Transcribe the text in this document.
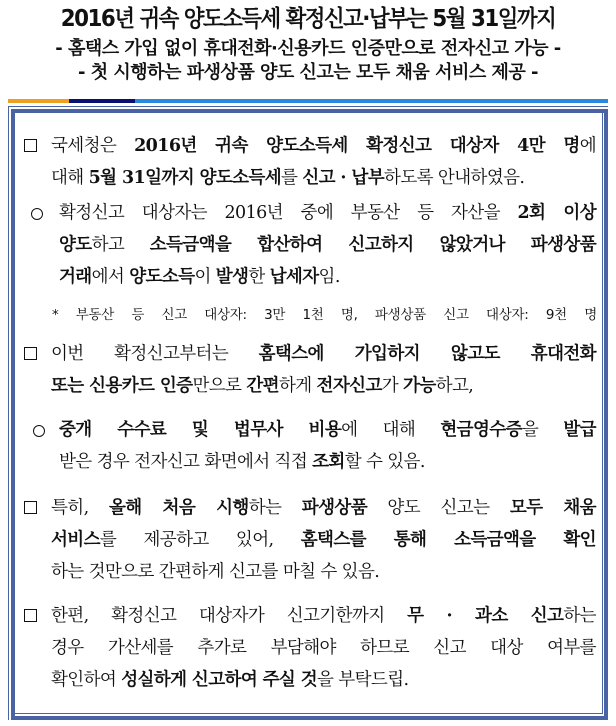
2016년 귀속 양도소득세 확정신고·납부는 5월 31일까지
- 홈택스 가입 없이 휴대전화·신용카드 인증만으로 전자신고 가능 -
- 첫 시행하는 파생상품 양도 신고는 모두 채움 서비스 제공 -
국세청은 2016년 귀속 양도소득세 확정신고 대상자 4만 명에
대해 5월 31일까지 양도소득세를 신고 · 납부하도록 안내하였음.
확정신고 대상자는 2016년 중에 부동산 등 자산을 2회 이상
양도하고 소득금액을 합산하여 신고하지 않았거나 파생상품
거래에서 양도소득이 발생한 납세자임.
* 부동산 등 신고 대상자: 3만 1천 명, 파생상품 신고 대상자: 9천 명
이번 확정신고부터는 홈택스에 가입하지 않고도 휴대전화
또는 신용카드 인증만으로 간편하게 전자신고가 가능하고,
중개 수수료 및 법무사 비용에 대해 현금영수증을 발급
받은 경우 전자신고 화면에서 직접 조회할 수 있음.
특히, 올해 처음 시행하는 파생상품 양도 신고는 모두 채움
서비스를 제공하고 있어, 홈택스를 통해 소득금액을 확인
하는 것만으로 간편하게 신고를 마칠 수 있음.
한편, 확정신고 대상자가 신고기한까지 무 · 과소 신고하는
경우 가산세를 추가로 부담해야 하므로 신고 대상 여부를
확인하여 성실하게 신고하여 주실 것을 부탁드립.
